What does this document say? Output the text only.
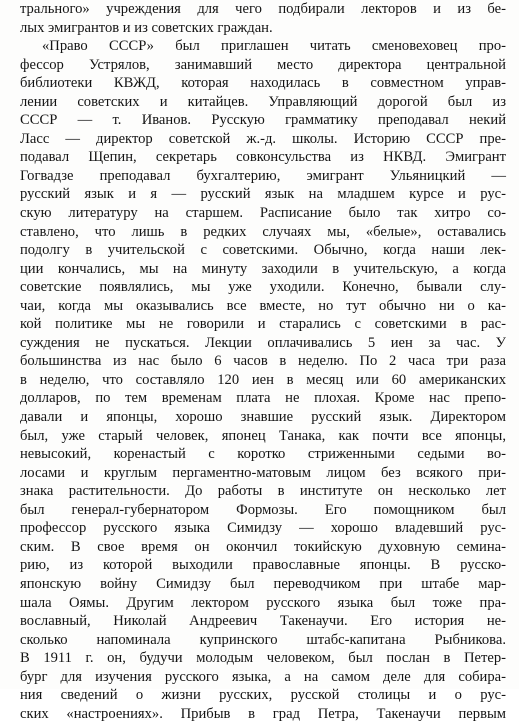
трального» учреждения для чего подбирали лекторов и из бе-
лых эмигрантов и из советских граждан.
«Право СССР» был приглашен читать сменовеховец про-
фессор Устрялов, занимавший место директора центральной
библиотеки КВЖД, которая находилась в совместном управ-
лении советских и китайцев. Управляющий дорогой был из
СССР — т. Иванов. Русскую грамматику преподавал некий
Ласс — директор советской ж.-д. школы. Историю СССР пре-
подавал Щепин, секретарь совконсульства из НКВД. Эмигрант
Гогвадзе преподавал бухгалтерию, эмигрант Ульяницкий —
русский язык и я — русский язык на младшем курсе и рус-
скую литературу на старшем. Расписание было так хитро со-
ставлено, что лишь в редких случаях мы, «белые», оставались
подолгу в учительской с советскими. Обычно, когда наши лек-
ции кончались, мы на минуту заходили в учительскую, а когда
советские появлялись, мы уже уходили. Конечно, бывали слу-
чаи, когда мы оказывались все вместе, но тут обычно ни о ка-
кой политике мы не говорили и старались с советскими в рас-
суждения не пускаться. Лекции оплачивались 5 иен за час. У
большинства из нас было 6 часов в неделю. По 2 часа три раза
в неделю, что составляло 120 иен в месяц или 60 американских
долларов, по тем временам плата не плохая. Кроме нас препо-
давали и японцы, хорошо знавшие русский язык. Директором
был, уже старый человек, японец Танака, как почти все японцы,
невысокий, коренастый с коротко стриженными седыми во-
лосами и круглым пергаментно-матовым лицом без всякого при-
знака растительности. До работы в институте он несколько лет
был генерал-губернатором Формозы. Его помощником был
профессор русского языка Симидзу — хорошо владевший рус-
ским. В свое время он окончил токийскую духовную семина-
рию, из которой выходили православные японцы. В русско-
японскую войну Симидзу был переводчиком при штабе мар-
шала Оямы. Другим лектором русского языка был тоже пра-
вославный, Николай Андреевич Такенаучи. Его история не-
сколько напоминала купринского штабс-капитана Рыбникова.
В 1911 г. он, будучи молодым человеком, был послан в Петер-
бург для изучения русского языка, а на самом деле для собира-
ния сведений о жизни русских, русской столицы и о рус-
ских «настроениях». Прибыв в град Петра, Такенаучи первым
